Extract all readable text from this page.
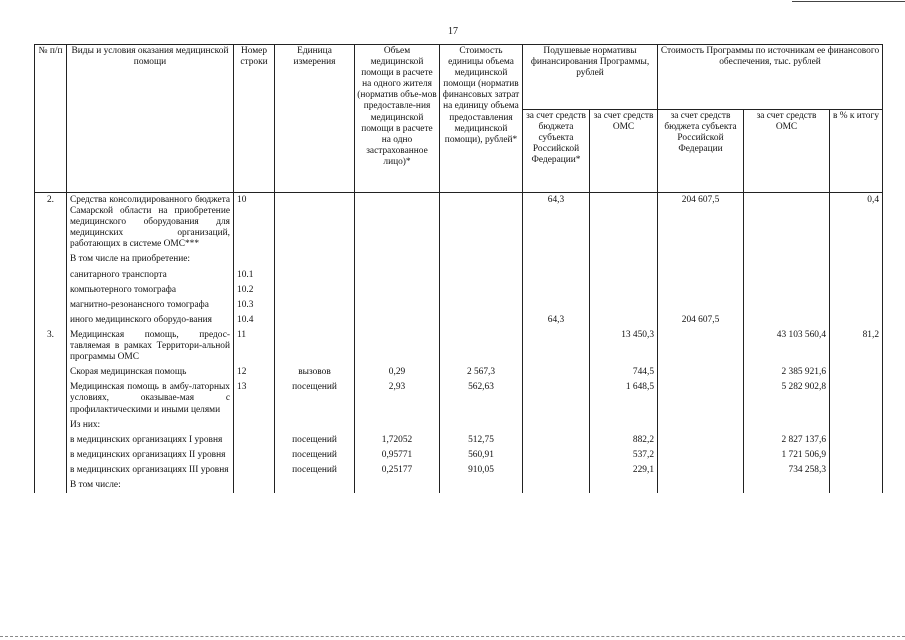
17
№ п/п	Виды и условия оказания медицинской помощи	Номер строки	Единица измерения	Объем медицинской помощи в расчете на одного жителя (норматив объе-мов предоставле-ния медицинской помощи в расчете на одно застрахованное лицо)*	Стоимость единицы объема медицинской помощи (норматив финансовых затрат на единицу объема предоставления медицинской помощи), рублей*	Подушевые нормативы финансирования Программы, рублей		Стоимость Программы по источникам ее финансового обеспечения, тыс. рублей		
						за счет средств бюджета субъекта Российской Федерации*	за счет средств ОМС	за счет средств бюджета субъекта Российской Федерации	за счет средств ОМС	в % к итогу
2.	Средства консолидированного бюджета Самарской области на приобретение медицинского оборудования для медицинских организаций, работающих в системе ОМС***	10				64,3		204 607,5		0,4
	В том числе на приобретение:									
	санитарного транспорта	10.1								
	компьютерного томографа	10.2								
	магнитно-резонансного томографа	10.3								
	иного медицинского оборудо-вания	10.4				64,3		204 607,5		
3.	Медицинская помощь, предос-тавляемая в рамках Территори-альной программы ОМС	11					13 450,3		43 103 560,4	81,2
	Скорая медицинская помощь	12	вызовов	0,29	2 567,3		744,5		2 385 921,6	
	Медицинская помощь в амбу-латорных условиях, оказывае-мая с профилактическими и иными целями	13	посещений	2,93	562,63		1 648,5		5 282 902,8	
	Из них:									
	в медицинских организациях I уровня		посещений	1,72052	512,75		882,2		2 827 137,6	
	в медицинских организациях II уровня		посещений	0,95771	560,91		537,2		1 721 506,9	
	в медицинских организациях III уровня		посещений	0,25177	910,05		229,1		734 258,3	
	В том числе:									
